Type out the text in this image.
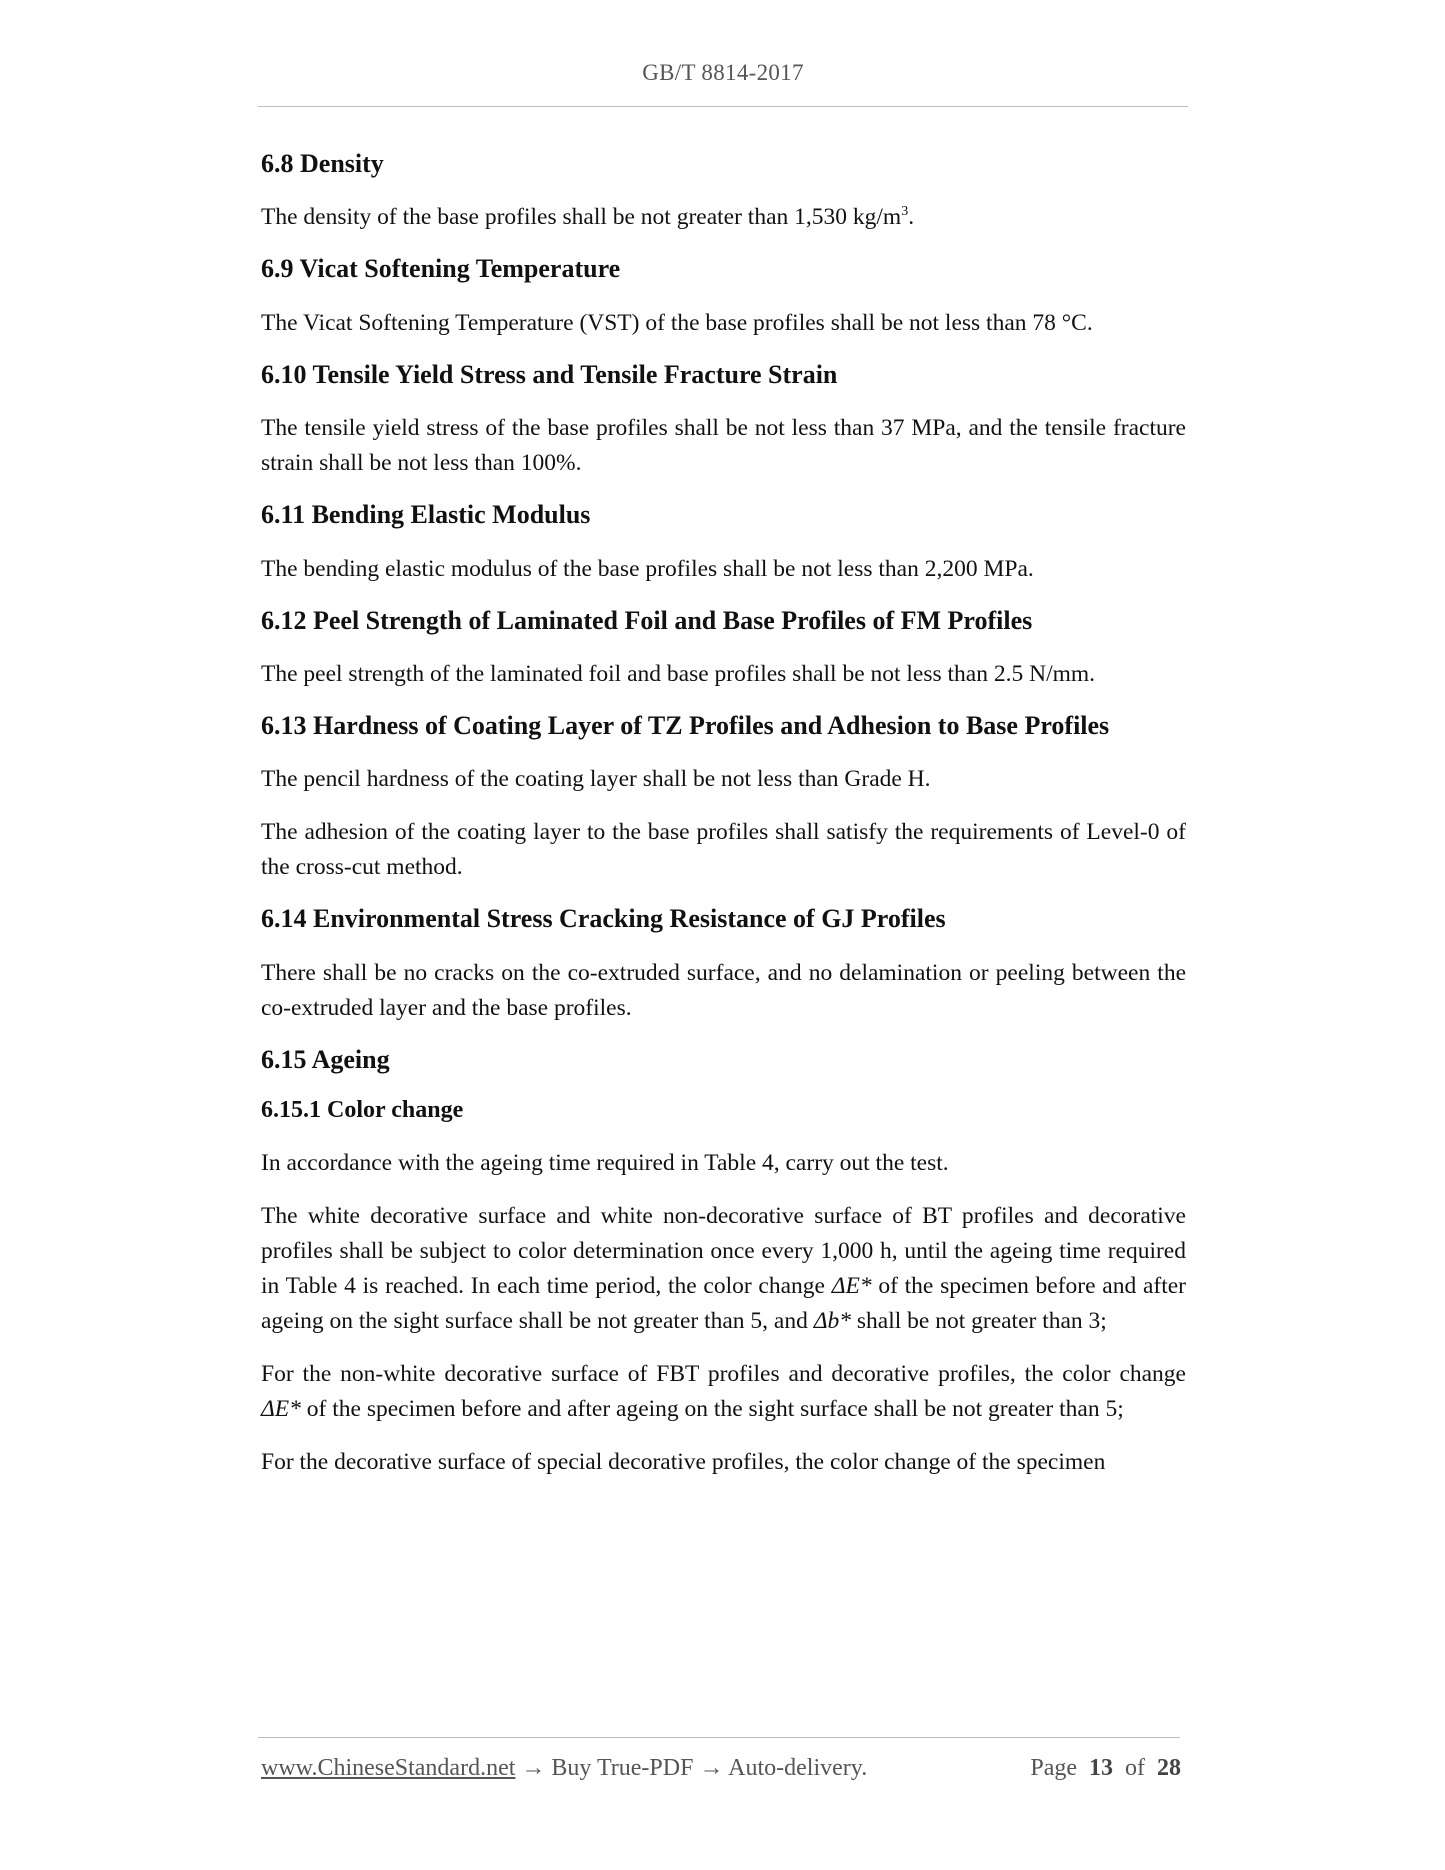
GB/T 8814-2017
6.8 Density

The density of the base profiles shall be not greater than 1,530 $kg/m^3$.

6.9 Vicat Softening Temperature

The Vicat Softening Temperature (VST) of the base profiles shall be not less than 78 °C.

6.10 Tensile Yield Stress and Tensile Fracture Strain

The tensile yield stress of the base profiles shall be not less than 37 MPa, and the tensile fracture strain shall be not less than 100%.

6.11 Bending Elastic Modulus

The bending elastic modulus of the base profiles shall be not less than 2,200 MPa.

6.12 Peel Strength of Laminated Foil and Base Profiles of FM Profiles

The peel strength of the laminated foil and base profiles shall be not less than 2.5 N/mm.

6.13 Hardness of Coating Layer of TZ Profiles and Adhesion to Base Profiles

The pencil hardness of the coating layer shall be not less than Grade H.

The adhesion of the coating layer to the base profiles shall satisfy the requirements of Level-0 of the cross-cut method.

6.14 Environmental Stress Cracking Resistance of GJ Profiles

There shall be no cracks on the co-extruded surface, and no delamination or peeling between the co-extruded layer and the base profiles.

6.15 Ageing
6.15.1 Color change

In accordance with the ageing time required in Table 4, carry out the test.

The white decorative surface and white non-decorative surface of BT profiles and decorative profiles shall be subject to color determination once every 1,000 h, until the ageing time required in Table 4 is reached. In each time period, the color change ΔE* of the specimen before and after ageing on the sight surface shall be not greater than 5, and Δb* shall be not greater than 3;

For the non-white decorative surface of FBT profiles and decorative profiles, the color change ΔE* of the specimen before and after ageing on the sight surface shall be not greater than 5;

For the decorative surface of special decorative profiles, the color change of the specimen

www.ChineseStandard.net → Buy True-PDF → Auto-delivery.	Page 13 of 28
